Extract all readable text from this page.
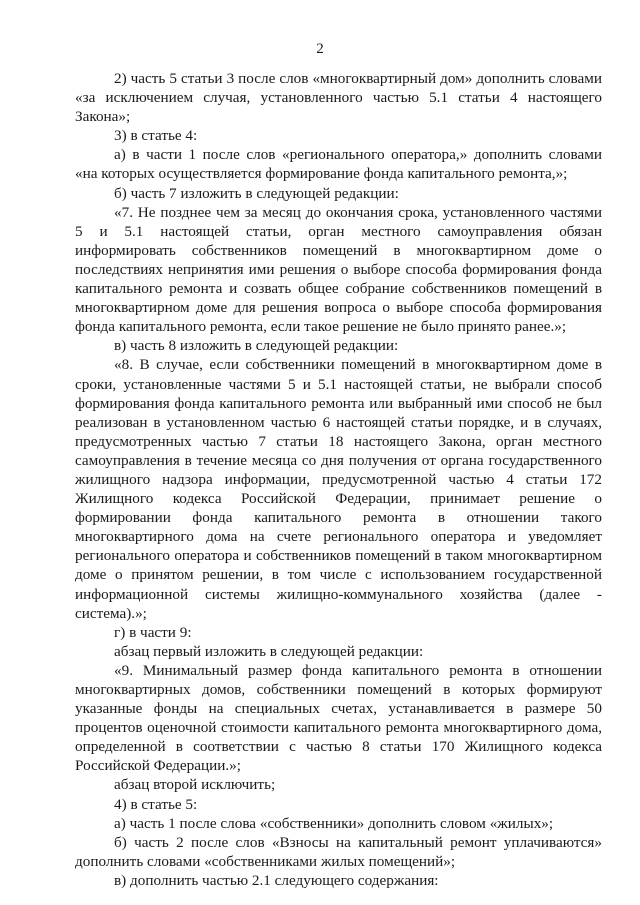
2

2) часть 5 статьи 3 после слов «многоквартирный дом» дополнить словами «за исключением случая, установленного частью 5.1 статьи 4 настоящего Закона»;

3) в статье 4:

а) в части 1 после слов «регионального оператора,» дополнить словами «на которых осуществляется формирование фонда капитального ремонта,»;

б) часть 7 изложить в следующей редакции:

«7. Не позднее чем за месяц до окончания срока, установленного частями 5 и 5.1 настоящей статьи, орган местного самоуправления обязан информировать собственников помещений в многоквартирном доме о последствиях непринятия ими решения о выборе способа формирования фонда капитального ремонта и созвать общее собрание собственников помещений в многоквартирном доме для решения вопроса о выборе способа формирования фонда капитального ремонта, если такое решение не было принято ранее.»;

в) часть 8 изложить в следующей редакции:

«8. В случае, если собственники помещений в многоквартирном доме в сроки, установленные частями 5 и 5.1 настоящей статьи, не выбрали способ формирования фонда капитального ремонта или выбранный ими способ не был реализован в установленном частью 6 настоящей статьи порядке, и в случаях, предусмотренных частью 7 статьи 18 настоящего Закона, орган местного самоуправления в течение месяца со дня получения от органа государственного жилищного надзора информации, предусмотренной частью 4 статьи 172 Жилищного кодекса Российской Федерации, принимает решение о формировании фонда капитального ремонта в отношении такого многоквартирного дома на счете регионального оператора и уведомляет регионального оператора и собственников помещений в таком многоквартирном доме о принятом решении, в том числе с использованием государственной информационной системы жилищно-коммунального хозяйства (далее - система).»;

г) в части 9:

абзац первый изложить в следующей редакции:

«9. Минимальный размер фонда капитального ремонта в отношении многоквартирных домов, собственники помещений в которых формируют указанные фонды на специальных счетах, устанавливается в размере 50 процентов оценочной стоимости капитального ремонта многоквартирного дома, определенной в соответствии с частью 8 статьи 170 Жилищного кодекса Российской Федерации.»;

абзац второй исключить;

4) в статье 5:

а) часть 1 после слова «собственники» дополнить словом «жилых»;

б) часть 2 после слов «Взносы на капитальный ремонт уплачиваются» дополнить словами «собственниками жилых помещений»;

в) дополнить частью 2.1 следующего содержания:
